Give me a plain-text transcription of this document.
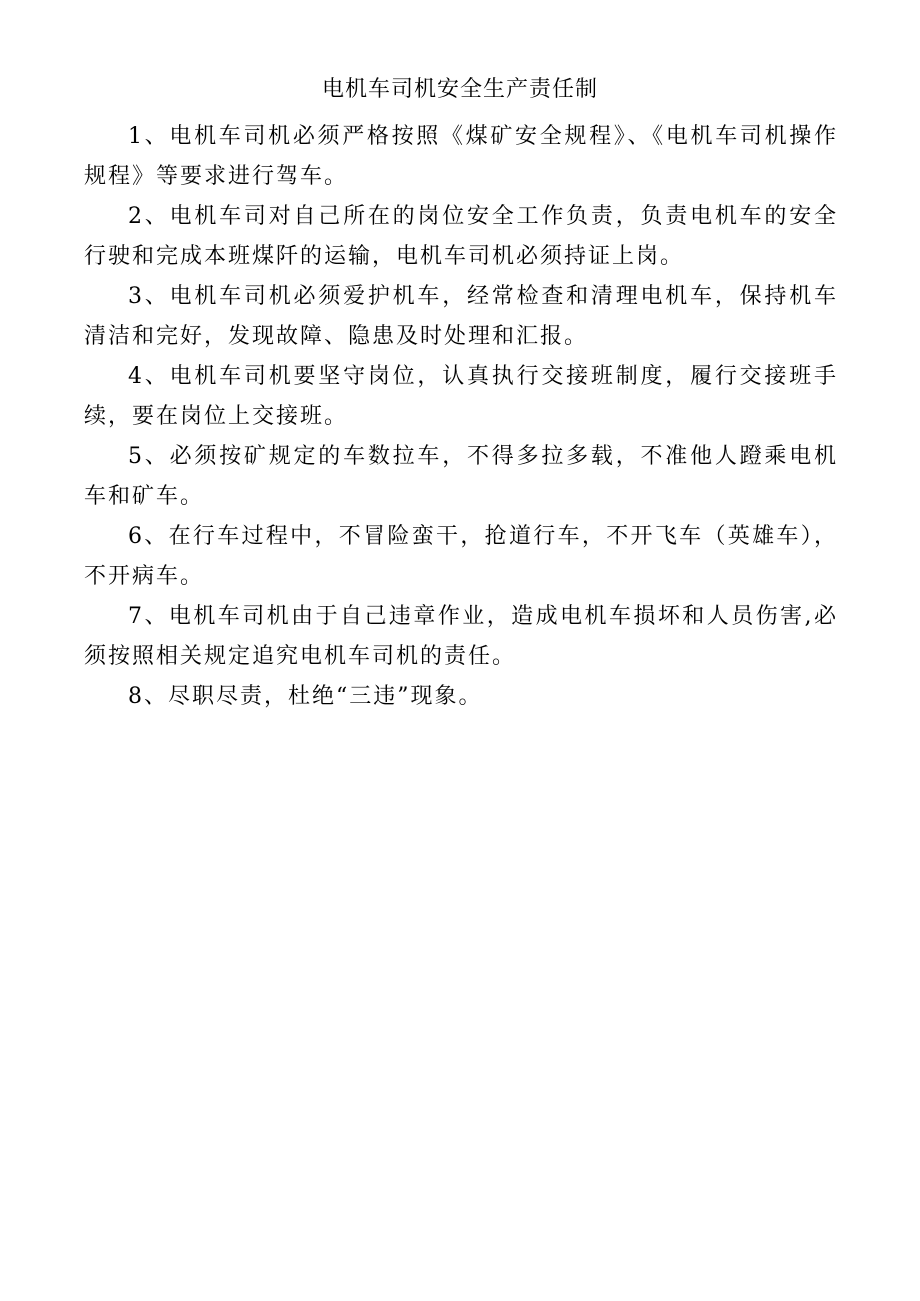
电机车司机安全生产责任制

1、电机车司机必须严格按照《煤矿安全规程》、《电机车司机操作规程》等要求进行驾车。

2、电机车司对自己所在的岗位安全工作负责，负责电机车的安全行驶和完成本班煤阡的运输，电机车司机必须持证上岗。

3、电机车司机必须爱护机车，经常检查和清理电机车，保持机车清洁和完好，发现故障、隐患及时处理和汇报。

4、电机车司机要坚守岗位，认真执行交接班制度，履行交接班手续，要在岗位上交接班。

5、必须按矿规定的车数拉车，不得多拉多载，不准他人蹬乘电机车和矿车。

6、在行车过程中，不冒险蛮干，抢道行车，不开飞车（英雄车），不开病车。

7、电机车司机由于自己违章作业，造成电机车损坏和人员伤害,必须按照相关规定追究电机车司机的责任。

8、尽职尽责，杜绝“三违”现象。
